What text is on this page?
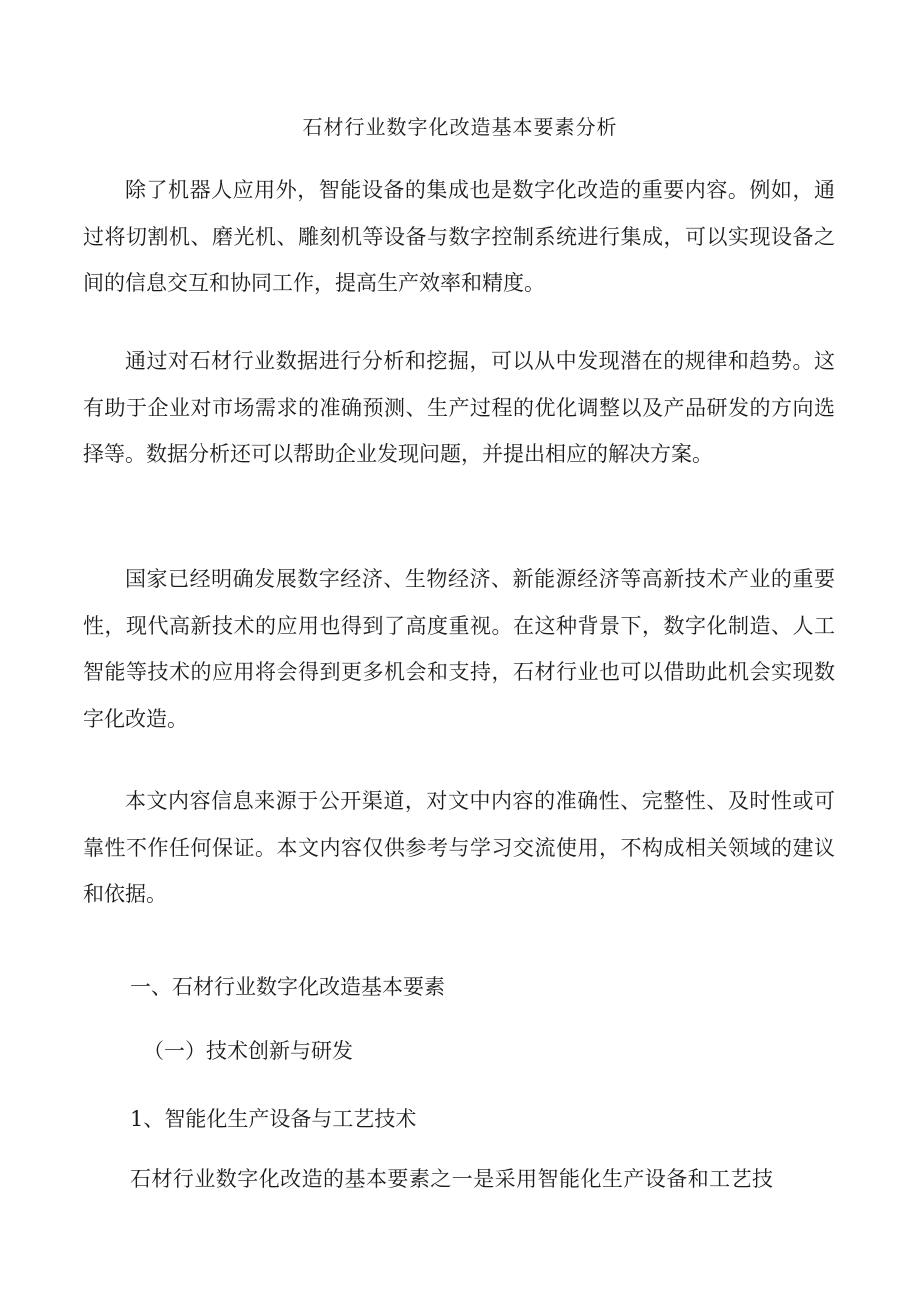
石材行业数字化改造基本要素分析

除了机器人应用外，智能设备的集成也是数字化改造的重要内容。例如，通过将切割机、磨光机、雕刻机等设备与数字控制系统进行集成，可以实现设备之间的信息交互和协同工作，提高生产效率和精度。

通过对石材行业数据进行分析和挖掘，可以从中发现潜在的规律和趋势。这有助于企业对市场需求的准确预测、生产过程的优化调整以及产品研发的方向选择等。数据分析还可以帮助企业发现问题，并提出相应的解决方案。

国家已经明确发展数字经济、生物经济、新能源经济等高新技术产业的重要性，现代高新技术的应用也得到了高度重视。在这种背景下，数字化制造、人工智能等技术的应用将会得到更多机会和支持，石材行业也可以借助此机会实现数字化改造。

本文内容信息来源于公开渠道，对文中内容的准确性、完整性、及时性或可靠性不作任何保证。本文内容仅供参考与学习交流使用，不构成相关领域的建议和依据。

一、石材行业数字化改造基本要素

（一）技术创新与研发

1、智能化生产设备与工艺技术

石材行业数字化改造的基本要素之一是采用智能化生产设备和工艺技
